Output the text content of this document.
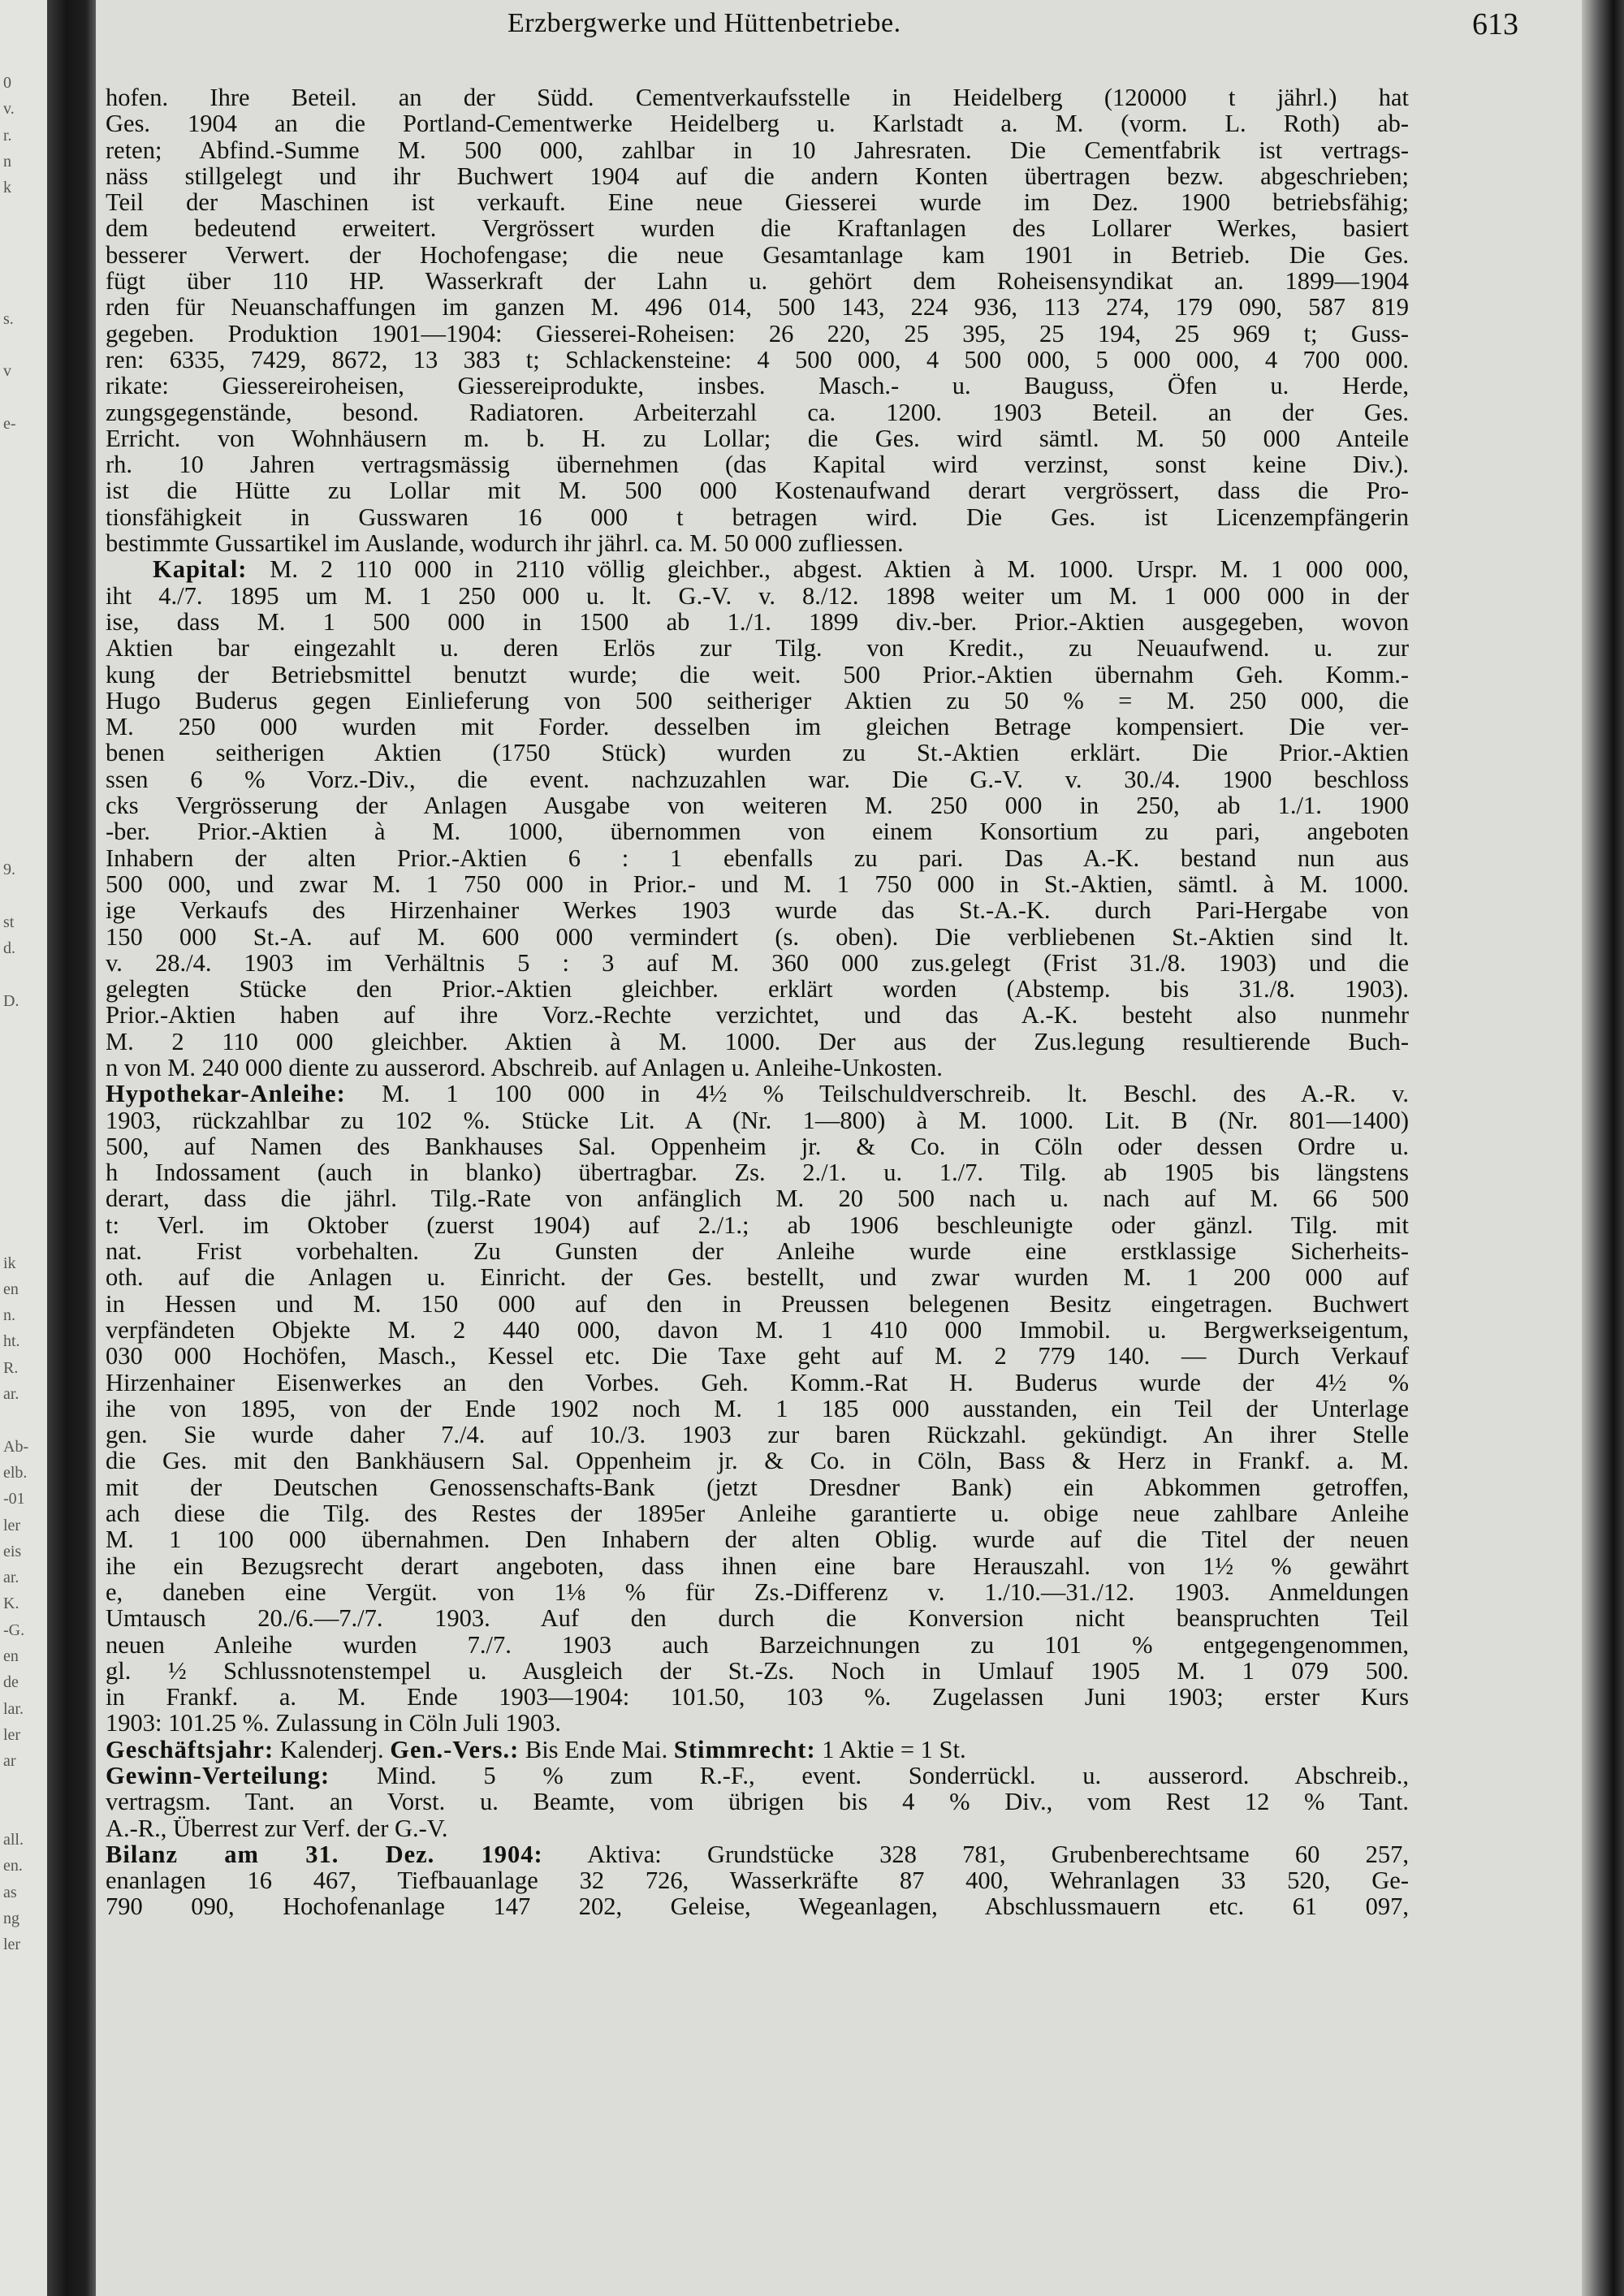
0
v.
r.
n
k
s.
v
e-
9.
st
d.
D.
ik
en
n.
ht.
R.
ar.
Ab-
elb.
-01
ler
eis
ar.
K.
-G.
en
de
lar.
ler
ar
all.
en.
as
ng
ler
Erzbergwerke und Hüttenbetriebe.	613
hofen. Ihre Beteil. an der Südd. Cementverkaufsstelle in Heidelberg (120000 t jährl.) hat
Ges. 1904 an die Portland-Cementwerke Heidelberg u. Karlstadt a. M. (vorm. L. Roth) ab-
reten; Abfind.-Summe M. 500 000, zahlbar in 10 Jahresraten. Die Cementfabrik ist vertrags-
näss stillgelegt und ihr Buchwert 1904 auf die andern Konten übertragen bezw. abgeschrieben;
Teil der Maschinen ist verkauft. Eine neue Giesserei wurde im Dez. 1900 betriebsfähig;
dem bedeutend erweitert. Vergrössert wurden die Kraftanlagen des Lollarer Werkes, basiert
besserer Verwert. der Hochofengase; die neue Gesamtanlage kam 1901 in Betrieb. Die Ges.
fügt über 110 HP. Wasserkraft der Lahn u. gehört dem Roheisensyndikat an. 1899—1904
rden für Neuanschaffungen im ganzen M. 496 014, 500 143, 224 936, 113 274, 179 090, 587 819
gegeben. Produktion 1901—1904: Giesserei-Roheisen: 26 220, 25 395, 25 194, 25 969 t; Guss-
ren: 6335, 7429, 8672, 13 383 t; Schlackensteine: 4 500 000, 4 500 000, 5 000 000, 4 700 000.
rikate: Giessereiroheisen, Giessereiprodukte, insbes. Masch.- u. Bauguss, Öfen u. Herde,
zungsgegenstände, besond. Radiatoren. Arbeiterzahl ca. 1200. 1903 Beteil. an der Ges.
Erricht. von Wohnhäusern m. b. H. zu Lollar; die Ges. wird sämtl. M. 50 000 Anteile
rh. 10 Jahren vertragsmässig übernehmen (das Kapital wird verzinst, sonst keine Div.).
ist die Hütte zu Lollar mit M. 500 000 Kostenaufwand derart vergrössert, dass die Pro-
tionsfähigkeit in Gusswaren 16 000 t betragen wird. Die Ges. ist Licenzempfängerin
bestimmte Gussartikel im Auslande, wodurch ihr jährl. ca. M. 50 000 zufliessen.
Kapital: M. 2 110 000 in 2110 völlig gleichber., abgest. Aktien à M. 1000. Urspr. M. 1 000 000,
iht 4./7. 1895 um M. 1 250 000 u. lt. G.-V. v. 8./12. 1898 weiter um M. 1 000 000 in der
ise, dass M. 1 500 000 in 1500 ab 1./1. 1899 div.-ber. Prior.-Aktien ausgegeben, wovon
Aktien bar eingezahlt u. deren Erlös zur Tilg. von Kredit., zu Neuaufwend. u. zur
kung der Betriebsmittel benutzt wurde; die weit. 500 Prior.-Aktien übernahm Geh. Komm.-
Hugo Buderus gegen Einlieferung von 500 seitheriger Aktien zu 50 % = M. 250 000, die
M. 250 000 wurden mit Forder. desselben im gleichen Betrage kompensiert. Die ver-
benen seitherigen Aktien (1750 Stück) wurden zu St.-Aktien erklärt. Die Prior.-Aktien
ssen 6 % Vorz.-Div., die event. nachzuzahlen war. Die G.-V. v. 30./4. 1900 beschloss
cks Vergrösserung der Anlagen Ausgabe von weiteren M. 250 000 in 250, ab 1./1. 1900
-ber. Prior.-Aktien à M. 1000, übernommen von einem Konsortium zu pari, angeboten
Inhabern der alten Prior.-Aktien 6 : 1 ebenfalls zu pari. Das A.-K. bestand nun aus
500 000, und zwar M. 1 750 000 in Prior.- und M. 1 750 000 in St.-Aktien, sämtl. à M. 1000.
ige Verkaufs des Hirzenhainer Werkes 1903 wurde das St.-A.-K. durch Pari-Hergabe von
150 000 St.-A. auf M. 600 000 vermindert (s. oben). Die verbliebenen St.-Aktien sind lt.
v. 28./4. 1903 im Verhältnis 5 : 3 auf M. 360 000 zus.gelegt (Frist 31./8. 1903) und die
gelegten Stücke den Prior.-Aktien gleichber. erklärt worden (Abstemp. bis 31./8. 1903).
Prior.-Aktien haben auf ihre Vorz.-Rechte verzichtet, und das A.-K. besteht also nunmehr
M. 2 110 000 gleichber. Aktien à M. 1000. Der aus der Zus.legung resultierende Buch-
n von M. 240 000 diente zu ausserord. Abschreib. auf Anlagen u. Anleihe-Unkosten.
Hypothekar-Anleihe: M. 1 100 000 in 4½ % Teilschuldverschreib. lt. Beschl. des A.-R. v.
1903, rückzahlbar zu 102 %. Stücke Lit. A (Nr. 1—800) à M. 1000. Lit. B (Nr. 801—1400)
500, auf Namen des Bankhauses Sal. Oppenheim jr. & Co. in Cöln oder dessen Ordre u.
h Indossament (auch in blanko) übertragbar. Zs. 2./1. u. 1./7. Tilg. ab 1905 bis längstens
derart, dass die jährl. Tilg.-Rate von anfänglich M. 20 500 nach u. nach auf M. 66 500
t: Verl. im Oktober (zuerst 1904) auf 2./1.; ab 1906 beschleunigte oder gänzl. Tilg. mit
nat. Frist vorbehalten. Zu Gunsten der Anleihe wurde eine erstklassige Sicherheits-
oth. auf die Anlagen u. Einricht. der Ges. bestellt, und zwar wurden M. 1 200 000 auf
in Hessen und M. 150 000 auf den in Preussen belegenen Besitz eingetragen. Buchwert
verpfändeten Objekte M. 2 440 000, davon M. 1 410 000 Immobil. u. Bergwerkseigentum,
030 000 Hochöfen, Masch., Kessel etc. Die Taxe geht auf M. 2 779 140. — Durch Verkauf
Hirzenhainer Eisenwerkes an den Vorbes. Geh. Komm.-Rat H. Buderus wurde der 4½ %
ihe von 1895, von der Ende 1902 noch M. 1 185 000 ausstanden, ein Teil der Unterlage
gen. Sie wurde daher 7./4. auf 10./3. 1903 zur baren Rückzahl. gekündigt. An ihrer Stelle
die Ges. mit den Bankhäusern Sal. Oppenheim jr. & Co. in Cöln, Bass & Herz in Frankf. a. M.
mit der Deutschen Genossenschafts-Bank (jetzt Dresdner Bank) ein Abkommen getroffen,
ach diese die Tilg. des Restes der 1895er Anleihe garantierte u. obige neue zahlbare Anleihe
M. 1 100 000 übernahmen. Den Inhabern der alten Oblig. wurde auf die Titel der neuen
ihe ein Bezugsrecht derart angeboten, dass ihnen eine bare Herauszahl. von 1½ % gewährt
e, daneben eine Vergüt. von 1⅛ % für Zs.-Differenz v. 1./10.—31./12. 1903. Anmeldungen
Umtausch 20./6.—7./7. 1903. Auf den durch die Konversion nicht beanspruchten Teil
neuen Anleihe wurden 7./7. 1903 auch Barzeichnungen zu 101 % entgegengenommen,
gl. ½ Schlussnotenstempel u. Ausgleich der St.-Zs. Noch in Umlauf 1905 M. 1 079 500.
in Frankf. a. M. Ende 1903—1904: 101.50, 103 %. Zugelassen Juni 1903; erster Kurs
1903: 101.25 %. Zulassung in Cöln Juli 1903.
Geschäftsjahr: Kalenderj. Gen.-Vers.: Bis Ende Mai. Stimmrecht: 1 Aktie = 1 St.
Gewinn-Verteilung: Mind. 5 % zum R.-F., event. Sonderrückl. u. ausserord. Abschreib.,
vertragsm. Tant. an Vorst. u. Beamte, vom übrigen bis 4 % Div., vom Rest 12 % Tant.
A.-R., Überrest zur Verf. der G.-V.
Bilanz am 31. Dez. 1904: Aktiva: Grundstücke 328 781, Grubenberechtsame 60 257,
enanlagen 16 467, Tiefbauanlage 32 726, Wasserkräfte 87 400, Wehranlagen 33 520, Ge-
790 090, Hochofenanlage 147 202, Geleise, Wegeanlagen, Abschlussmauern etc. 61 097,
